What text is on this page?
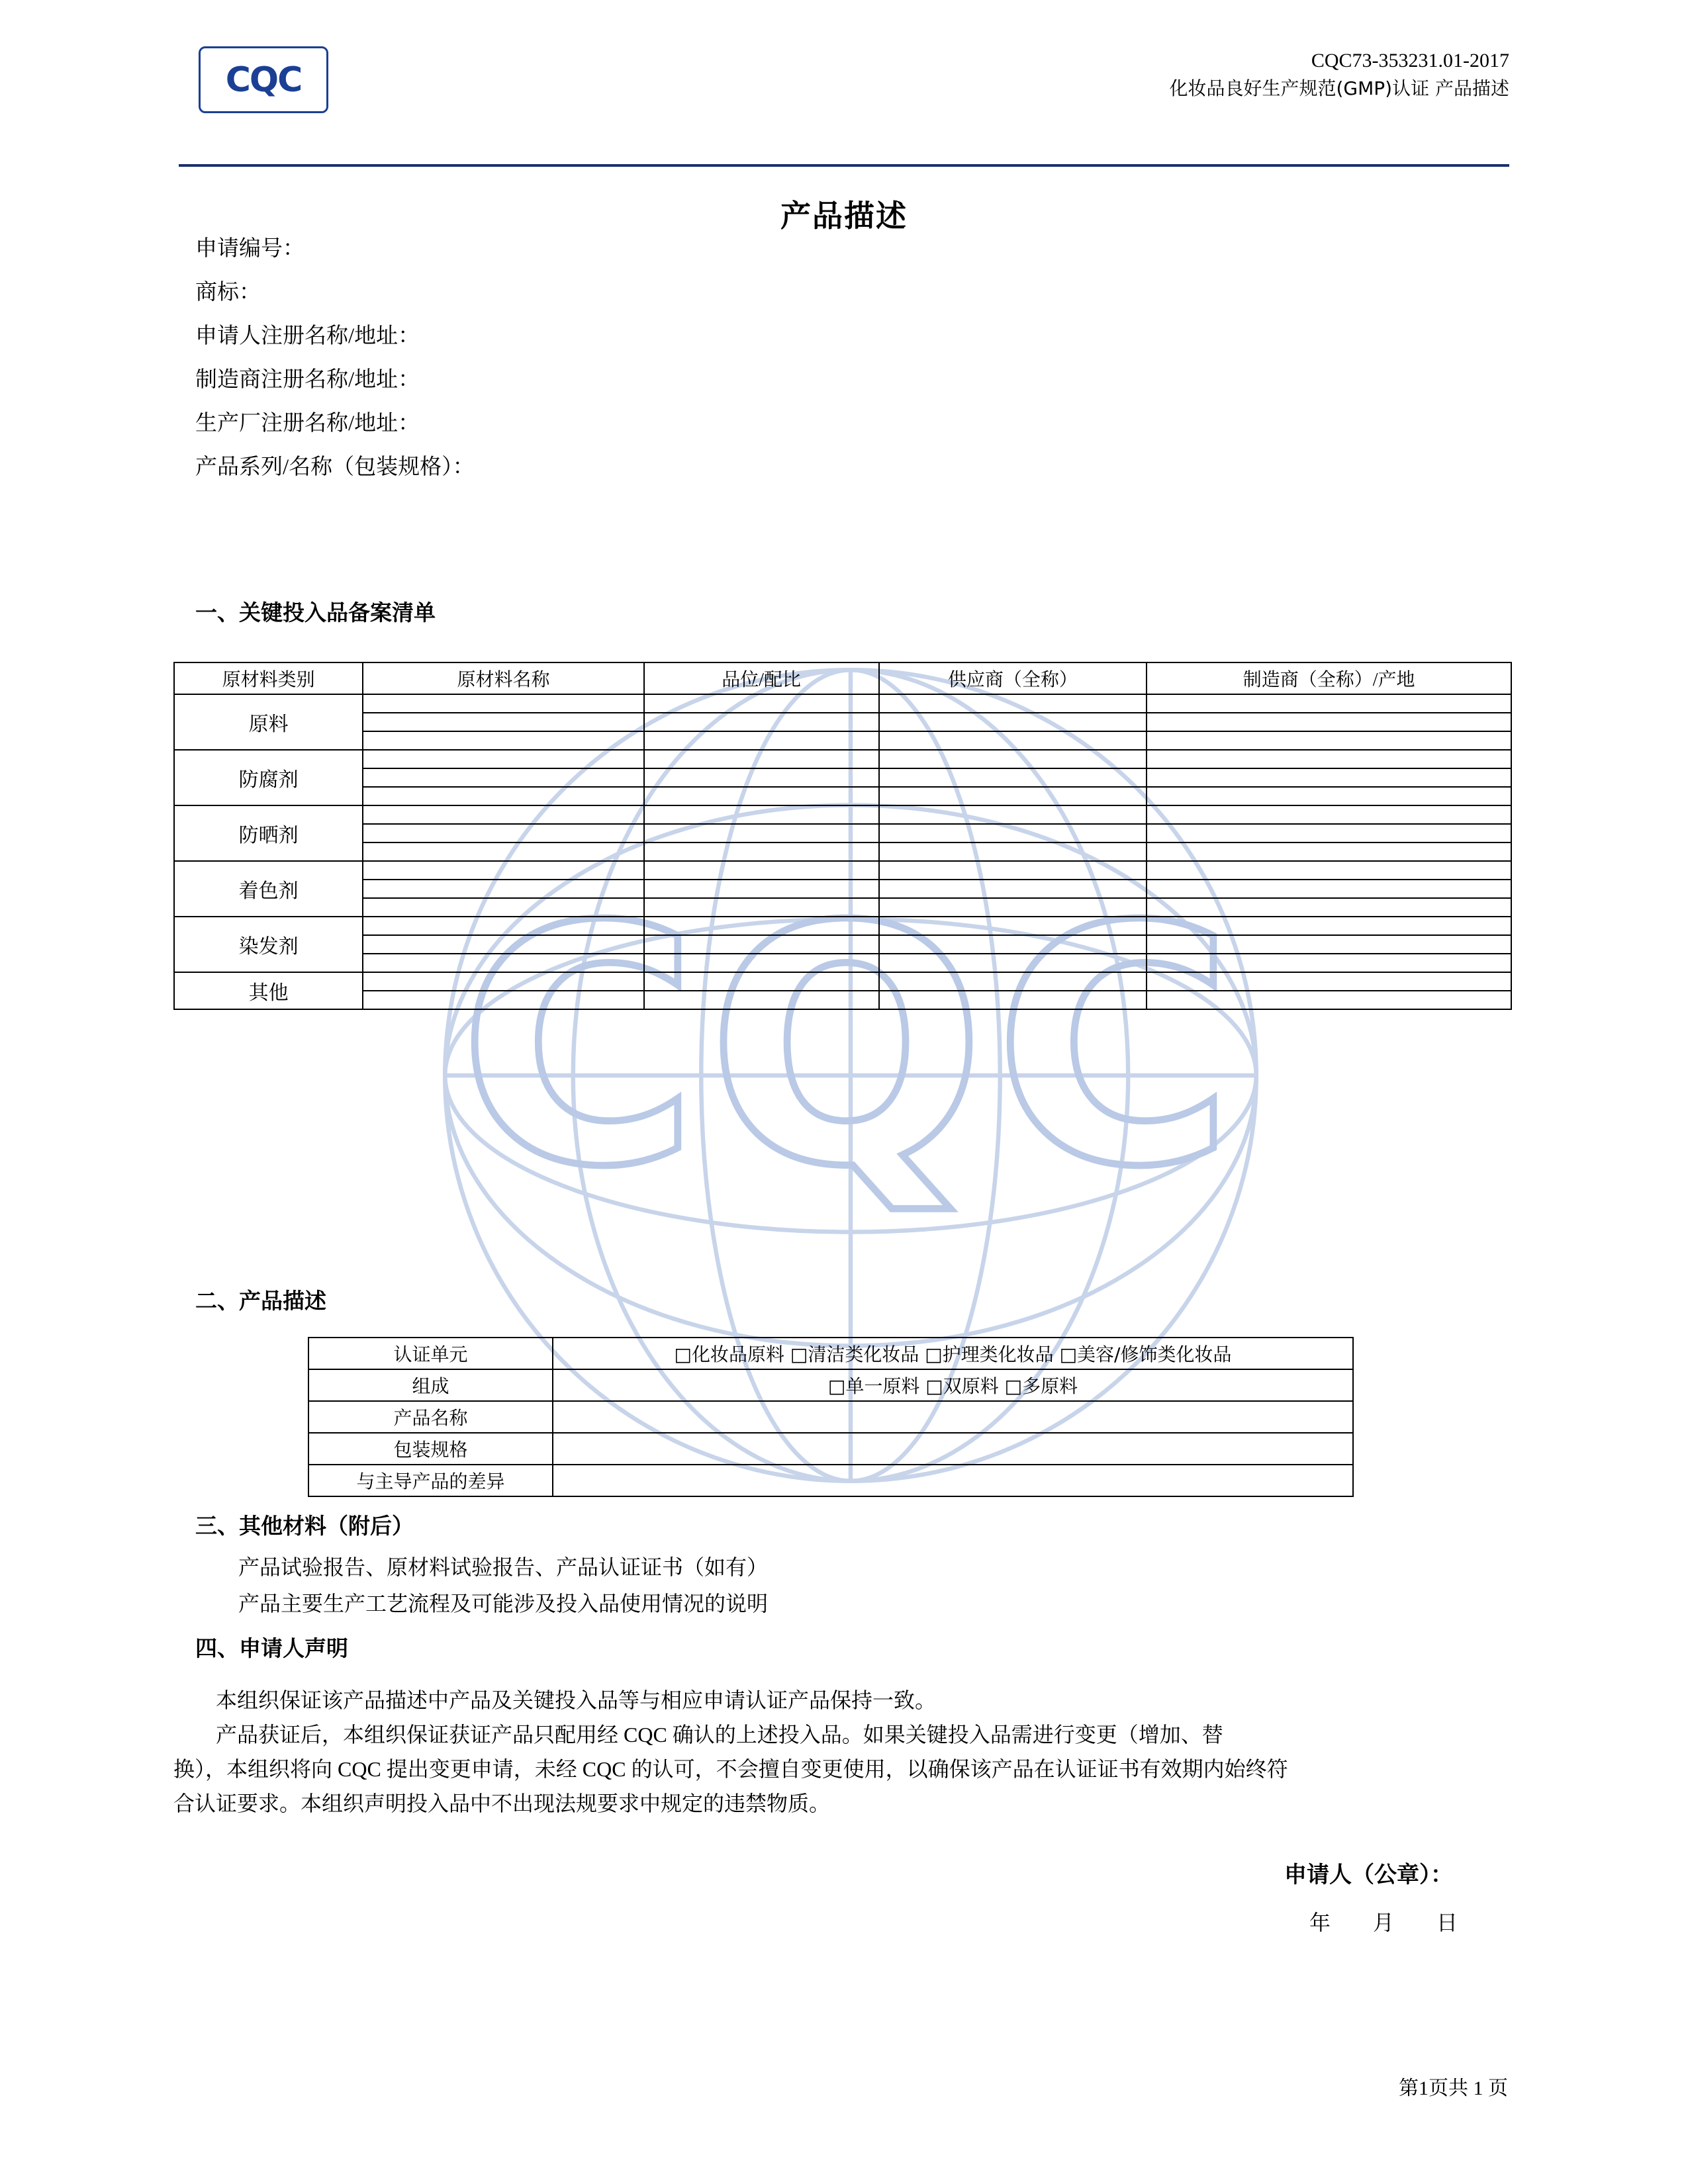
CQC
CQC	CQC73-353231.01-2017
化妆品良好生产规范(GMP)认证 产品描述
产品描述
申请编号：
商标：
申请人注册名称/地址：
制造商注册名称/地址：
生产厂注册名称/地址：
产品系列/名称（包装规格）：
一、关键投入品备案清单
原材料类别	原材料名称	品位/配比	供应商（全称）	制造商（全称）/产地
原料				

防腐剂				

防晒剂				

着色剂				

染发剂				

其他				

二、产品描述
认证单元	□化妆品原料 □清洁类化妆品 □护理类化妆品 □美容/修饰类化妆品
组成	□单一原料 □双原料 □多原料
产品名称	
包装规格	
与主导产品的差异	
三、其他材料（附后）
产品试验报告、原材料试验报告、产品认证证书（如有）
产品主要生产工艺流程及可能涉及投入品使用情况的说明
四、申请人声明

本组织保证该产品描述中产品及关键投入品等与相应申请认证产品保持一致。

产品获证后，本组织保证获证产品只配用经 CQC 确认的上述投入品。如果关键投入品需进行变更（增加、替

换），本组织将向 CQC 提出变更申请，未经 CQC 的认可，不会擅自变更使用，以确保该产品在认证证书有效期内始终符

合认证要求。本组织声明投入品中不出现法规要求中规定的违禁物质。

申请人（公章）：
年 月 日
第1页共 1 页
